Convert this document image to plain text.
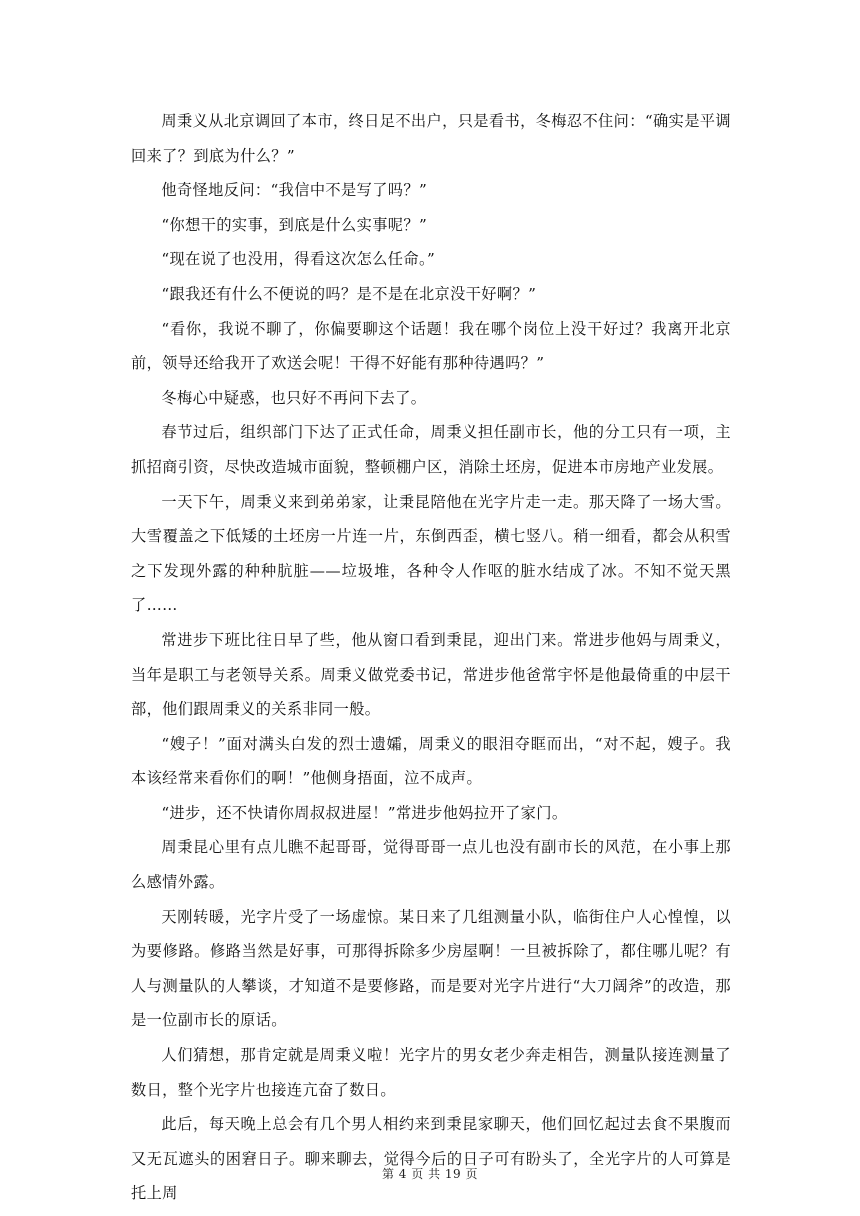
周秉义从北京调回了本市，终日足不出户，只是看书，冬梅忍不住问：“确实是平调回来了？到底为什么？”

他奇怪地反问：“我信中不是写了吗？”

“你想干的实事，到底是什么实事呢？”

“现在说了也没用，得看这次怎么任命。”

“跟我还有什么不便说的吗？是不是在北京没干好啊？”

“看你，我说不聊了，你偏要聊这个话题！我在哪个岗位上没干好过？我离开北京前，领导还给我开了欢送会呢！干得不好能有那种待遇吗？”

冬梅心中疑惑，也只好不再问下去了。

春节过后，组织部门下达了正式任命，周秉义担任副市长，他的分工只有一项，主抓招商引资，尽快改造城市面貌，整顿棚户区，消除土坯房，促进本市房地产业发展。

一天下午，周秉义来到弟弟家，让秉昆陪他在光字片走一走。那天降了一场大雪。大雪覆盖之下低矮的土坯房一片连一片，东倒西歪，横七竖八。稍一细看，都会从积雪之下发现外露的种种肮脏——垃圾堆，各种令人作呕的脏水结成了冰。不知不觉天黑了……

常进步下班比往日早了些，他从窗口看到秉昆，迎出门来。常进步他妈与周秉义，当年是职工与老领导关系。周秉义做党委书记，常进步他爸常宇怀是他最倚重的中层干部，他们跟周秉义的关系非同一般。

“嫂子！”面对满头白发的烈士遗孀，周秉义的眼泪夺眶而出，“对不起，嫂子。我本该经常来看你们的啊！”他侧身捂面，泣不成声。

“进步，还不快请你周叔叔进屋！”常进步他妈拉开了家门。

周秉昆心里有点儿瞧不起哥哥，觉得哥哥一点儿也没有副市长的风范，在小事上那么感情外露。

天刚转暖，光字片受了一场虚惊。某日来了几组测量小队，临街住户人心惶惶，以为要修路。修路当然是好事，可那得拆除多少房屋啊！一旦被拆除了，都住哪儿呢？有人与测量队的人攀谈，才知道不是要修路，而是要对光字片进行“大刀阔斧”的改造，那是一位副市长的原话。

人们猜想，那肯定就是周秉义啦！光字片的男女老少奔走相告，测量队接连测量了数日，整个光字片也接连亢奋了数日。

此后，每天晚上总会有几个男人相约来到秉昆家聊天，他们回忆起过去食不果腹而又无瓦遮头的困窘日子。聊来聊去，觉得今后的日子可有盼头了，全光字片的人可算是托上周

第 4 页 共 19 页
